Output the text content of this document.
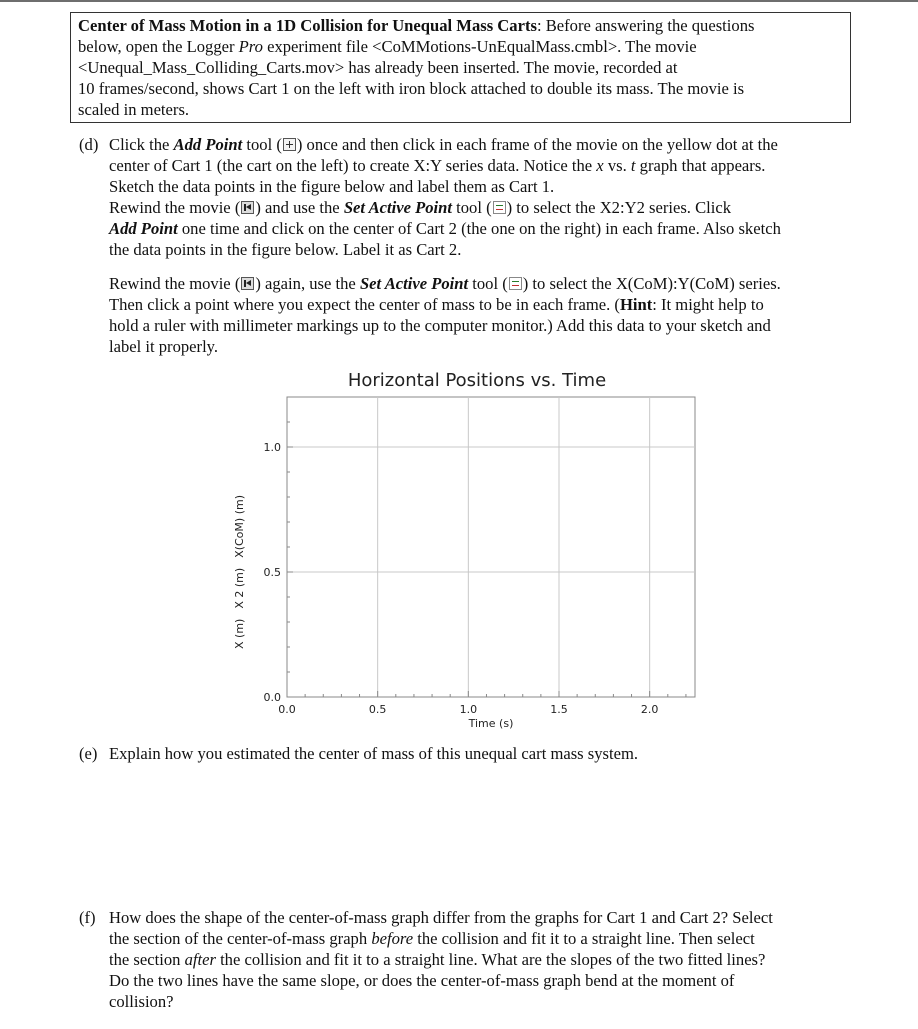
Center of Mass Motion in a 1D Collision for Unequal Mass Carts: Before answering the questions
below, open the Logger Pro experiment file <CoMMotions-UnEqualMass.cmbl>. The movie
<Unequal_Mass_Colliding_Carts.mov> has already been inserted. The movie, recorded at
10 frames/second, shows Cart 1 on the left with iron block attached to double its mass. The movie is
scaled in meters.
(d) Click the Add Point tool ( ) once and then click in each frame of the movie on the yellow dot at the
center of Cart 1 (the cart on the left) to create X:Y series data. Notice the x vs. t graph that appears.
Sketch the data points in the figure below and label them as Cart 1.
Rewind the movie ( ) and use the Set Active Point tool ( ) to select the X2:Y2 series. Click
Add Point one time and click on the center of Cart 2 (the one on the right) in each frame. Also sketch
the data points in the figure below. Label it as Cart 2.
Rewind the movie ( ) again, use the Set Active Point tool ( ) to select the X(CoM):Y(CoM) series.
Then click a point where you expect the center of mass to be in each frame. (Hint: It might help to
hold a ruler with millimeter markings up to the computer monitor.) Add this data to your sketch and
label it properly.
Horizontal Positions vs. Time
0.0	0.5	1.0	1.5	2.0
0.0
0.5
1.0
Time (s)
X (m)X 2 (m)X(CoM) (m)
(e) Explain how you estimated the center of mass of this unequal cart mass system.
(f) How does the shape of the center-of-mass graph differ from the graphs for Cart 1 and Cart 2? Select
the section of the center-of-mass graph before the collision and fit it to a straight line. Then select
the section after the collision and fit it to a straight line. What are the slopes of the two fitted lines?
Do the two lines have the same slope, or does the center-of-mass graph bend at the moment of
collision?
